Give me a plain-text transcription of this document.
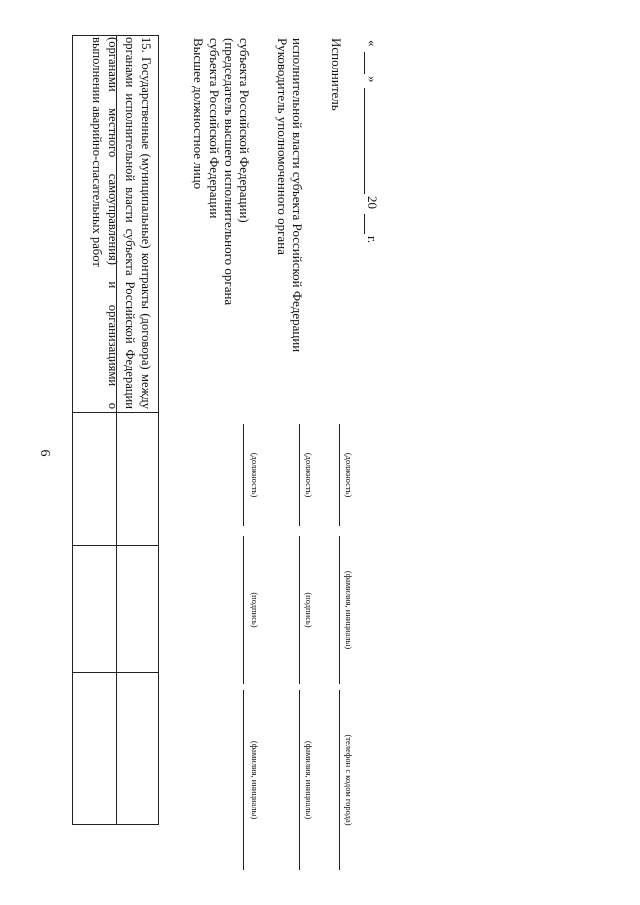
6
15. Государственные (муниципальные) контракты (договора) между органами исполнительной власти субъекта Российской Федерации (органами местного самоуправления) и организациями о выполнении аварийно-спасательных работ	Высшее должностное лицо субъекта Российской Федерации (председатель высшего исполнительного органа субъекта Российской Федерации)
(должность)
(подпись)
(фамилия, инициалы)
Руководитель уполномоченного органа исполнительной власти субъекта Российской Федерации
(должность)
(подпись)
(фамилия, инициалы)
Исполнитель
(должность)
(фамилия, инициалы)
(телефон с кодом города)
«
»
20
г.
